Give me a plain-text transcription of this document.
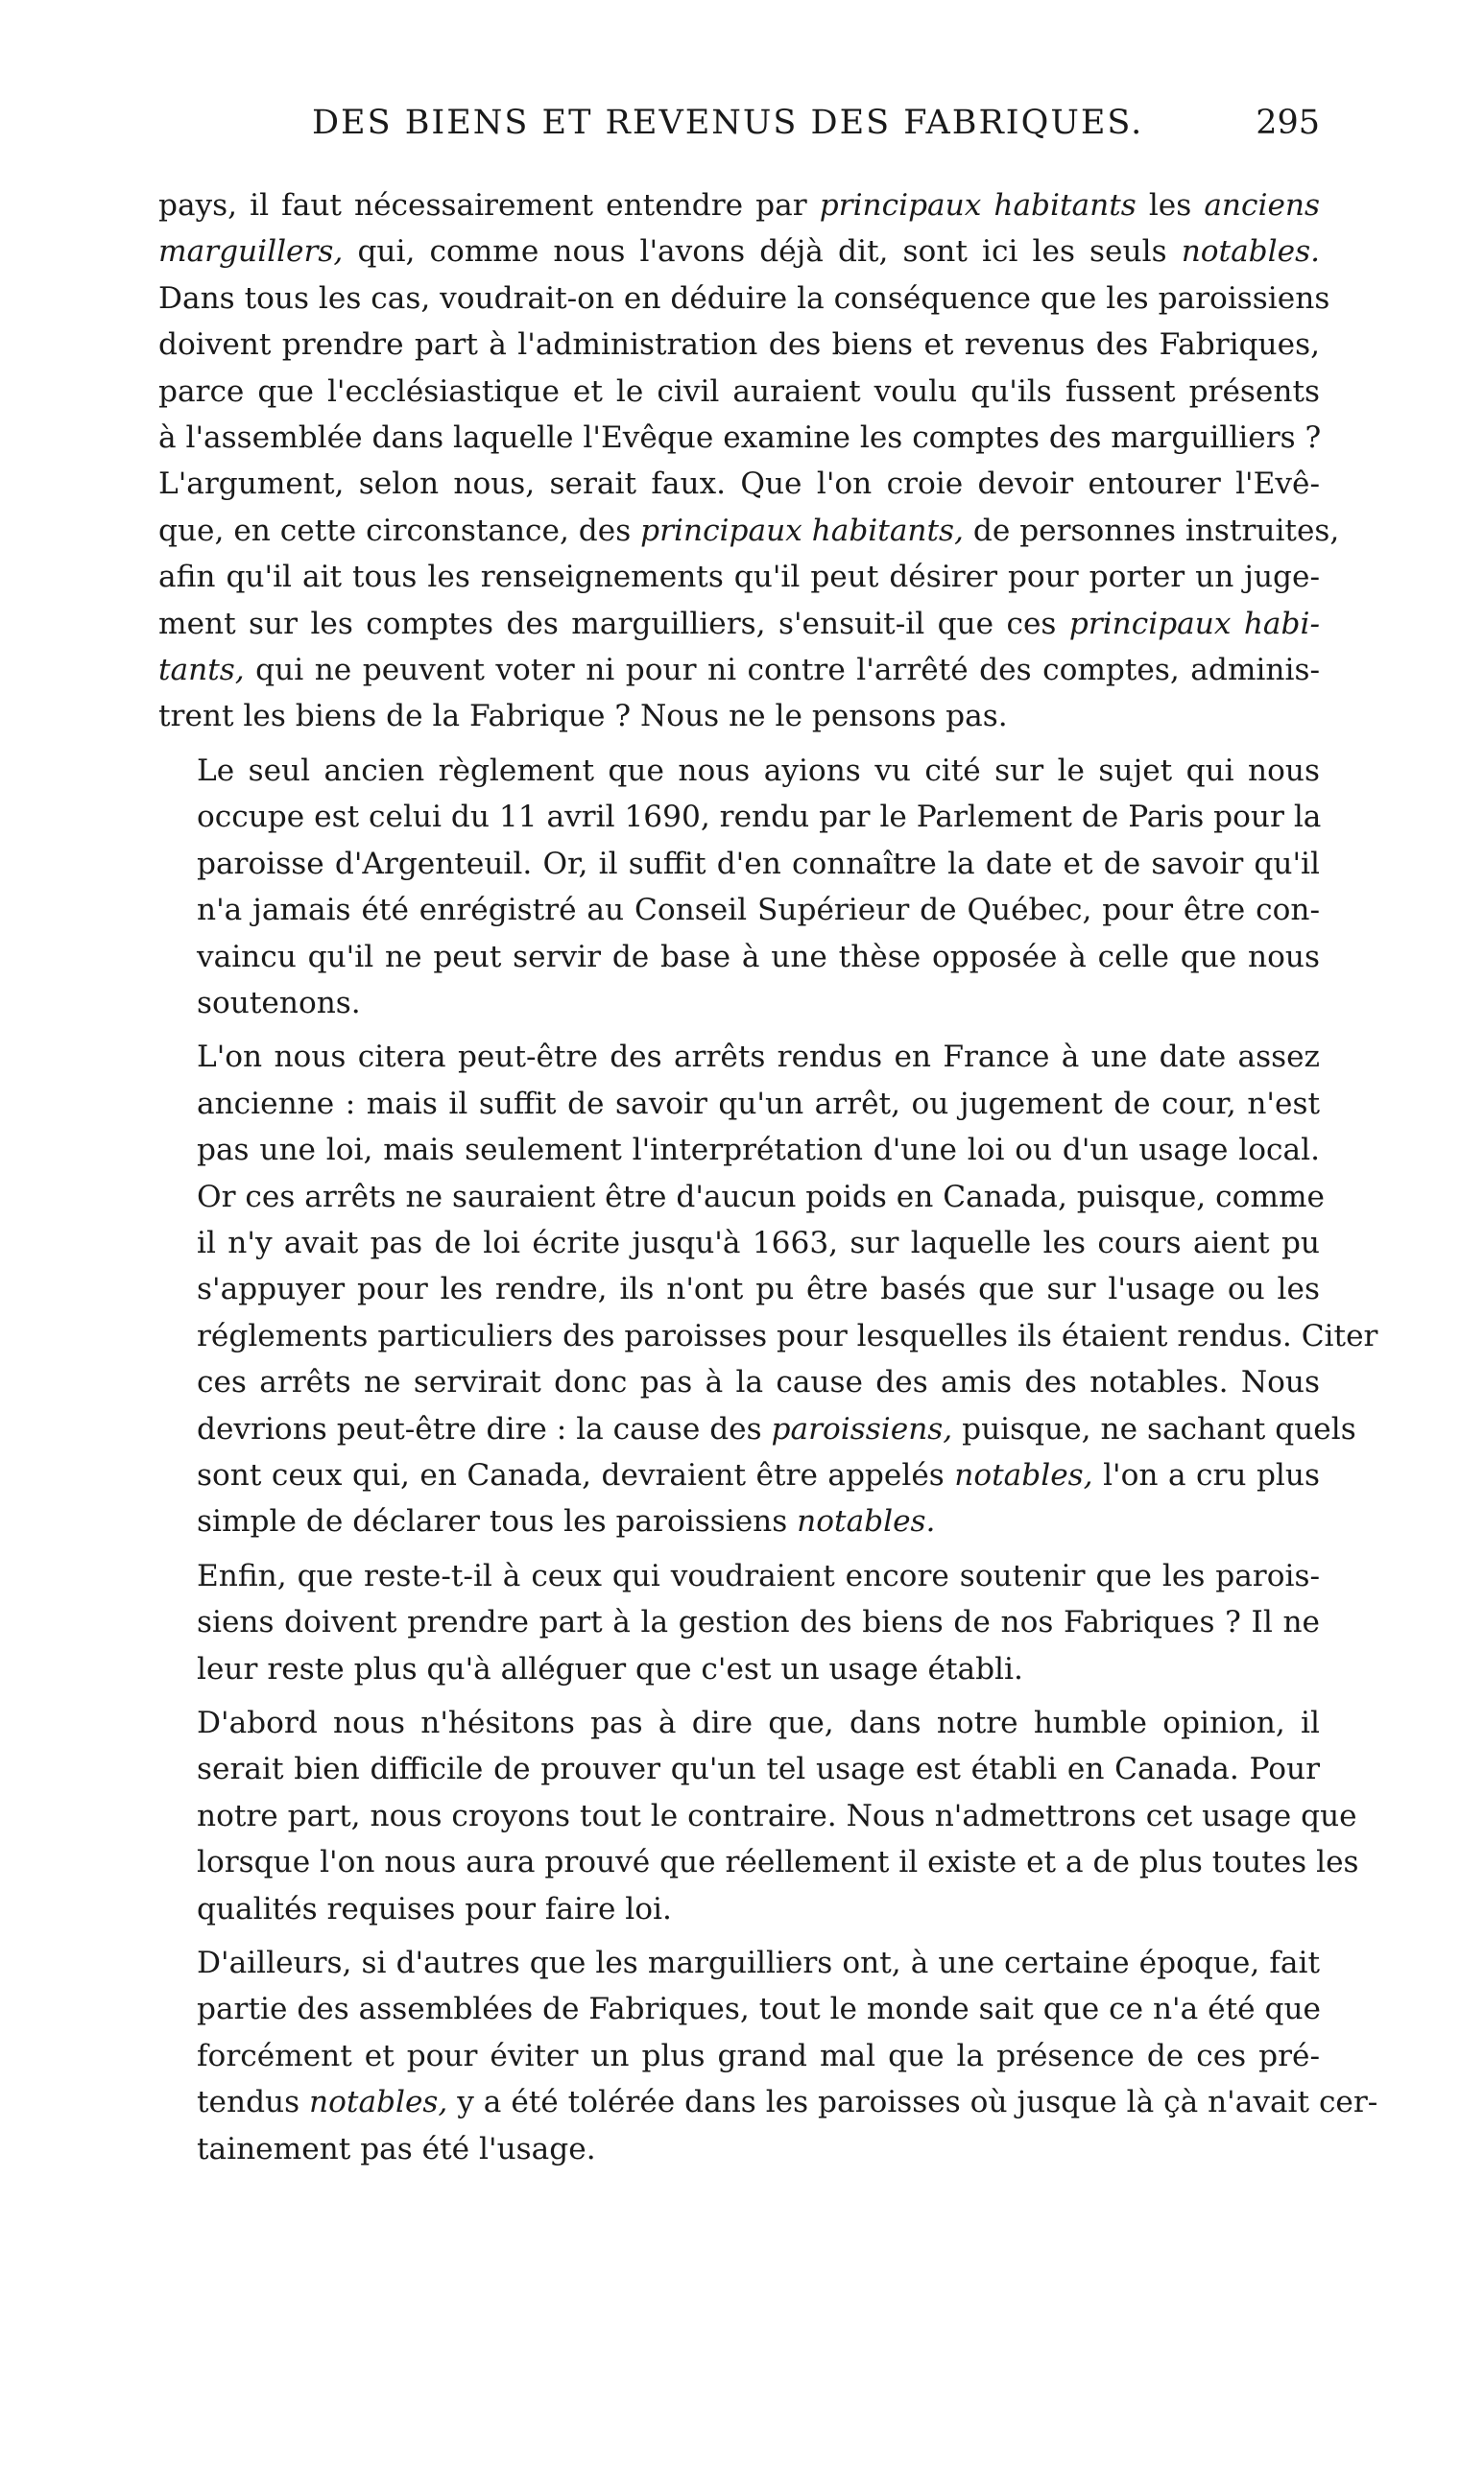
DES BIENS ET REVENUS DES FABRIQUES.	295

pays, il faut nécessairement entendre par principaux habitants les anciens
marguillers, qui, comme nous l'avons déjà dit, sont ici les seuls notables.
Dans tous les cas, voudrait-on en déduire la conséquence que les paroissiens
doivent prendre part à l'administration des biens et revenus des Fabriques,
parce que l'ecclésiastique et le civil auraient voulu qu'ils fussent présents
à l'assemblée dans laquelle l'Evêque examine les comptes des marguilliers ?
L'argument, selon nous, serait faux. Que l'on croie devoir entourer l'Evê-
que, en cette circonstance, des principaux habitants, de personnes instruites,
afin qu'il ait tous les renseignements qu'il peut désirer pour porter un juge-
ment sur les comptes des marguilliers, s'ensuit-il que ces principaux habi-
tants, qui ne peuvent voter ni pour ni contre l'arrêté des comptes, adminis-
trent les biens de la Fabrique ? Nous ne le pensons pas.

Le seul ancien règlement que nous ayions vu cité sur le sujet qui nous
occupe est celui du 11 avril 1690, rendu par le Parlement de Paris pour la
paroisse d'Argenteuil. Or, il suffit d'en connaître la date et de savoir qu'il
n'a jamais été enrégistré au Conseil Supérieur de Québec, pour être con-
vaincu qu'il ne peut servir de base à une thèse opposée à celle que nous
soutenons.

L'on nous citera peut-être des arrêts rendus en France à une date assez
ancienne : mais il suffit de savoir qu'un arrêt, ou jugement de cour, n'est
pas une loi, mais seulement l'interprétation d'une loi ou d'un usage local.
Or ces arrêts ne sauraient être d'aucun poids en Canada, puisque, comme
il n'y avait pas de loi écrite jusqu'à 1663, sur laquelle les cours aient pu
s'appuyer pour les rendre, ils n'ont pu être basés que sur l'usage ou les
réglements particuliers des paroisses pour lesquelles ils étaient rendus. Citer
ces arrêts ne servirait donc pas à la cause des amis des notables. Nous
devrions peut-être dire : la cause des paroissiens, puisque, ne sachant quels
sont ceux qui, en Canada, devraient être appelés notables, l'on a cru plus
simple de déclarer tous les paroissiens notables.

Enfin, que reste-t-il à ceux qui voudraient encore soutenir que les parois-
siens doivent prendre part à la gestion des biens de nos Fabriques ? Il ne
leur reste plus qu'à alléguer que c'est un usage établi.

D'abord nous n'hésitons pas à dire que, dans notre humble opinion, il
serait bien difficile de prouver qu'un tel usage est établi en Canada. Pour
notre part, nous croyons tout le contraire. Nous n'admettrons cet usage que
lorsque l'on nous aura prouvé que réellement il existe et a de plus toutes les
qualités requises pour faire loi.

D'ailleurs, si d'autres que les marguilliers ont, à une certaine époque, fait
partie des assemblées de Fabriques, tout le monde sait que ce n'a été que
forcément et pour éviter un plus grand mal que la présence de ces pré-
tendus notables, y a été tolérée dans les paroisses où jusque là çà n'avait cer-
tainement pas été l'usage.
